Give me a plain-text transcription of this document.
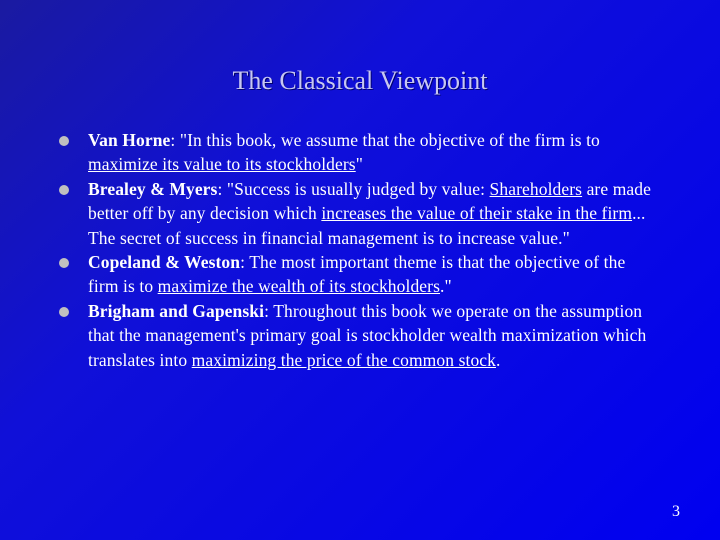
The Classical Viewpoint
Van Horne: "In this book, we assume that the objective of the firm is to maximize its value to its stockholders"
Brealey & Myers: "Success is usually judged by value: Shareholders are made better off by any decision which increases the value of their stake in the firm... The secret of success in financial management is to increase value."
Copeland & Weston: The most important theme is that the objective of the firm is to maximize the wealth of its stockholders."
Brigham and Gapenski: Throughout this book we operate on the assumption that the management's primary goal is stockholder wealth maximization which translates into maximizing the price of the common stock.
3
